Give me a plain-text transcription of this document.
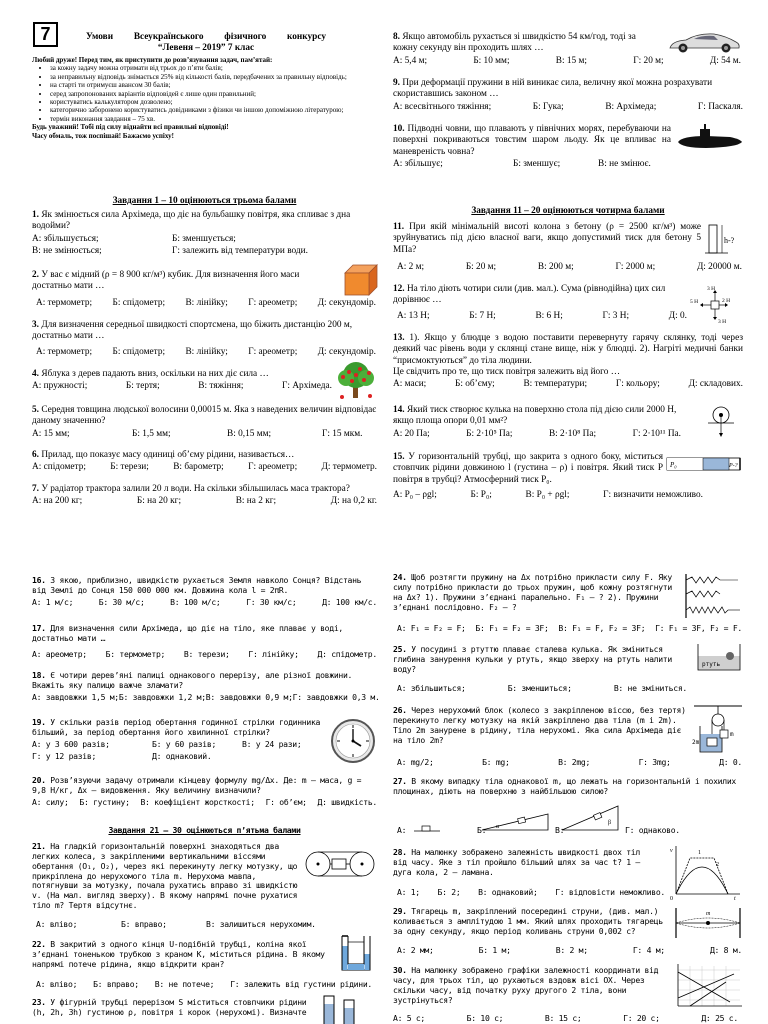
7	Умови Всеукраїнського фізичного конкурсу
“Левеня – 2019” 7 клас
Любий друже! Перед тим, як приступити до розв’язування задач, пам’ятай:
• за кожну задачу можна отримати від трьох до п’яти балів;
• за неправильну відповідь знімається 25% від кількості балів, передбачених за правильну відповідь;
• на старті ти отримуєш авансом 30 балів;
• серед запропонованих варіантів відповідей є лише один правильний;
• користуватись калькулятором дозволено;
• категорично заборонено користуватись довідниками з фізики чи іншою допоміжною літературою;
• термін виконання завдання – 75 хв.
Будь уважний! Тобі під силу віднайти всі правильні відповіді!
Часу обмаль, тож поспішай! Бажаємо успіху!
Завдання 1 – 10 оцінюються трьома балами
1. Як змінюється сила Архімеда, що діє на бульбашку повітря, яка спливає з дна водойми?
А: збільшується;	Б: зменшується;
В: не змінюється;	Г: залежить від температури води.
2. У вас є мідний (ρ = 8 900 кг/м³) кубик. Для визначення його маси достатньо мати …
А: термометр; Б: спідометр; В: лінійку; Г: ареометр; Д: секундомір.
3. Для визначення середньої швидкості спортсмена, що біжить дистанцію 200 м, достатньо мати …
А: термометр; Б: спідометр; В: лінійку; Г: ареометр; Д: секундомір.
4. Яблука з дерев падають вниз, оскільки на них діє сила …
А: пружності;	Б: тертя;	В: тяжіння;	Г: Архімеда.
5. Середня товщина людської волосини 0,00015 м. Яка з наведених величин відповідає даному значенню?
А: 15 мм;	Б: 1,5 мм;	В: 0,15 мм;	Г: 15 мкм.
6. Прилад, що показує масу одиниці об’єму рідини, називається…
А: спідометр;	Б: терези;	В: барометр;	Г: ареометр;	Д: термометр.
7. У радіатор трактора залили 20 л води. На скільки збільшилась маса трактора?
А: на 200 кг;	Б: на 20 кг;	В: на 2 кг;	Д: на 0,2 кг.
8. Якщо автомобіль рухається зі швидкістю 54 км/год, тоді за кожну секунду він проходить шлях …
А: 5,4 м;	Б: 10 мм;	В: 15 м;	Г: 20 м;	Д: 54 м.
9. При деформації пружини в ній виникає сила, величну якої можна розрахувати скориставшись законом …
А: всесвітнього тяжіння;	Б: Гука;	В: Архімеда;	Г: Паскаля.
10. Підводні човни, що плавають у північних морях, перебуваючи на поверхні покриваються товстим шаром льоду. Як це впливає на маневреність човна?
А: збільшує;	Б: зменшує;	В: не змінює.
Завдання 11 – 20 оцінюються чотирма балами
11. При якій мінімальній висоті колона з бетону (ρ = 2500 кг/м³) може зруйнуватись під дією власної ваги, якщо допустимий тиск для бетону 5 МПа?
А: 2 м;	Б: 20 м;	В: 200 м;	Г: 2000 м;	Д: 20000 м.
h-?
12. На тіло діють чотири сили (див. мал.). Сума (рівнодійна) цих сил дорівнює …
А: 13 Н;	Б: 7 Н;	В: 6 Н;	Г: 3 Н;	Д: 0.
3 Н
5 Н	2 Н
3 Н
13. 1). Якщо у блюдце з водою поставити перевернуту гарячу склянку, тоді через деякий час рівень води у склянці стане вище, ніж у блюдці. 2). Нагріті медичні банки “присмоктуються” до тіла людини.
Це свідчить про те, що тиск повітря залежить від його …
А: маси;	Б: об’єму;	В: температури;	Г: кольору;	Д: складових.
14. Який тиск створює кулька на поверхню стола під дією сили 2000 Н, якщо площа опори 0,01 мм²?
А: 20 Па;	Б: 2·10⁵ Па;	В: 2·10⁸ Па;	Г: 2·10¹¹ Па.
15. У горизонтальній трубці, що закрита з одного боку, міститься стовпчик рідини довжиною l (густина – ρ) і повітря. Який тиск P повітря в трубці? Атмосферний тиск P₀.
А: P₀ – ρgl;	Б: P₀;	В: P₀ + ρgl;	Г: визначити неможливо.
P₀	P-?
16. З якою, приблизно, швидкістю рухається Земля навколо Сонця? Відстань від Землі до Сонця 150 000 000 км. Довжина кола l = 2πR.
А: 1 м/с;	Б: 30 м/с;	В: 100 м/с;	Г: 30 км/с;	Д: 100 км/с.
17. Для визначення сили Архімеда, що діє на тіло, яке плаває у воді, достатньо мати …
А: ареометр; Б: термометр; В: терези; Г: лінійку; Д: спідометр.
18. Є чотири дерев’яні палиці однакового перерізу, але різної довжини. Вкажіть яку палицю важче зламати?
А: завдовжки 1,5 м; Б: завдовжки 1,2 м; В: завдовжки 0,9 м; Г: завдовжки 0,3 м.
19. У скільки разів період обертання годинної стрілки годинника більший, за період обертання його хвилинної стрілки?
А: у 3 600 разів;	Б: у 60 разів;	В: у 24 рази;
Г: у 12 разів;	Д: однаковий.
20. Розв’язуючи задачу отримали кінцеву формулу mg/Δx. Де: m – маса, g = 9,8 Н/кг, Δx – видовження. Яку величину визначили?
А: силу; Б: густину; В: коефіцієнт жорсткості; Г: об’єм; Д: швидкість.
Завдання 21 – 30 оцінюються п’ятьма балами
21. На гладкій горизонтальній поверхні знаходяться два легких колеса, з закріпленими вертикальними віссями обертання (O₁, O₂), через які перекинуту легку мотузку, що прикріплена до нерухомого тіла m. Нерухома мавпа, потягнувши за мотузку, почала рухатись вправо зі швидкістю v. (На мал. вигляд зверху). В якому напрямі почне рухатися тіло m? Тертя відсутнє.
А: вліво;	Б: вправо;	В: залишиться нерухомим.
22. В закритий з одного кінця U-подібній трубці, колінa якої з’єднані тоненькою трубкою з краном K, міститься рідина. В якому напрямі потече рідина, якщо відкрити кран?
А: вліво; Б: вправо; В: не потече; Г: залежить від густини рідини.
23. У фігурній трубці перерізом S міститься стовпчики рідини (h, 2h, 3h) густиною ρ, повітря і корок (нерухомі). Визначте
24. Щоб розтягти пружину на Δx потрібно прикласти силу F. Яку силу потрібно прикласти до трьох пружин, щоб кожну розтягнути на Δx? 1). Пружини з’єднані паралельно. F₁ – ? 2). Пружини з’єднані послідовно. F₂ – ?
А: F₁ = F₂ = F; Б: F₁ = F₂ = 3F; В: F₁ = F, F₂ = 3F; Г: F₁ = 3F, F₂ = F.
25. У посудині з ртуттю плаває сталева кулька. Як зміниться глибина занурення кульки у ртуть, якщо зверху на ртуть налити воду?
А: збільшиться;	Б: зменшиться;	В: не зміниться.
ртуть
26. Через нерухомий блок (колесо з закріпленою віссю, без тертя) перекинуто легку мотузку на якій закріплено два тіла (m і 2m). Тіло 2m занурене в рідину, тіла нерухомі. Яка сила Архімеда діє на тіло 2m?
А: mg/2;	Б: mg;	В: 2mg;	Г: 3mg;	Д: 0.
2m
m
27. В якому випадку тіла однакової m, що лежать на горизонтальній і похилих площинах, діють на поверхню з найбільшою силою?
А:	Б:	В:	Г: однаково.
α
β
28. На малюнку зображено залежність швидкості двох тіл від часу. Яке з тіл пройшло більший шлях за час t? 1 – дуга кола, 2 – ламана.
А: 1; Б: 2; В: однаковий; Г: відповісти неможливо.
v
t
0
1
2
29. Тягарець m, закріплений посередині струни, (див. мал.) коливається з амплітудою 1 мм. Який шлях проходить тягарець за одну секунду, якщо період коливань струни 0,002 с?
А: 2 мм;	Б: 1 м;	В: 2 м;	Г: 4 м;	Д: 8 м.
m
30. На малюнку зображено графіки залежності координати від часу, для трьох тіл, що рухаються вздовж вісі OX. Через скільки часу, від початку руху другого 2 тіла, вони зустрінуться?
А: 5 с;	Б: 10 с;	В: 15 с;	Г: 20 с;	Д: 25 с.
